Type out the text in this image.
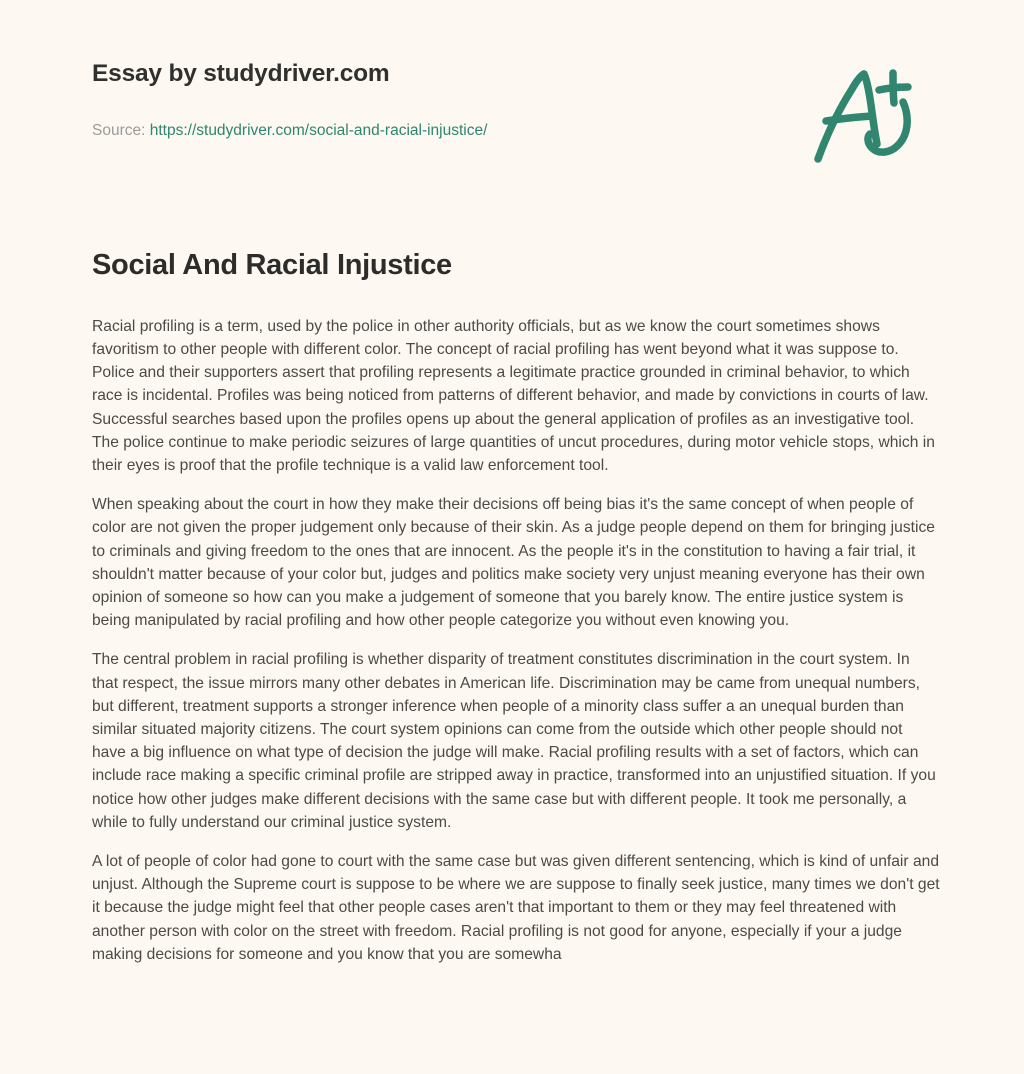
Essay by studydriver.com
Source: https://studydriver.com/social-and-racial-injustice/
Social And Racial Injustice

Racial profiling is a term, used by the police in other authority officials, but as we know the court sometimes shows favoritism to other people with different color. The concept of racial profiling has went beyond what it was suppose to. Police and their supporters assert that profiling represents a legitimate practice grounded in criminal behavior, to which race is incidental. Profiles was being noticed from patterns of different behavior, and made by convictions in courts of law. Successful searches based upon the profiles opens up about the general application of profiles as an investigative tool. The police continue to make periodic seizures of large quantities of uncut procedures, during motor vehicle stops, which in their eyes is proof that the profile technique is a valid law enforcement tool.

When speaking about the court in how they make their decisions off being bias it's the same concept of when people of color are not given the proper judgement only because of their skin. As a judge people depend on them for bringing justice to criminals and giving freedom to the ones that are innocent. As the people it's in the constitution to having a fair trial, it shouldn't matter because of your color but, judges and politics make society very unjust meaning everyone has their own opinion of someone so how can you make a judgement of someone that you barely know. The entire justice system is being manipulated by racial profiling and how other people categorize you without even knowing you.

The central problem in racial profiling is whether disparity of treatment constitutes discrimination in the court system. In that respect, the issue mirrors many other debates in American life. Discrimination may be came from unequal numbers, but different, treatment supports a stronger inference when people of a minority class suffer a an unequal burden than similar situated majority citizens. The court system opinions can come from the outside which other people should not have a big influence on what type of decision the judge will make. Racial profiling results with a set of factors, which can include race making a specific criminal profile are stripped away in practice, transformed into an unjustified situation. If you notice how other judges make different decisions with the same case but with different people. It took me personally, a while to fully understand our criminal justice system.

A lot of people of color had gone to court with the same case but was given different sentencing, which is kind of unfair and unjust. Although the Supreme court is suppose to be where we are suppose to finally seek justice, many times we don't get it because the judge might feel that other people cases aren't that important to them or they may feel threatened with another person with color on the street with freedom. Racial profiling is not good for anyone, especially if your a judge making decisions for someone and you know that you are somewha
